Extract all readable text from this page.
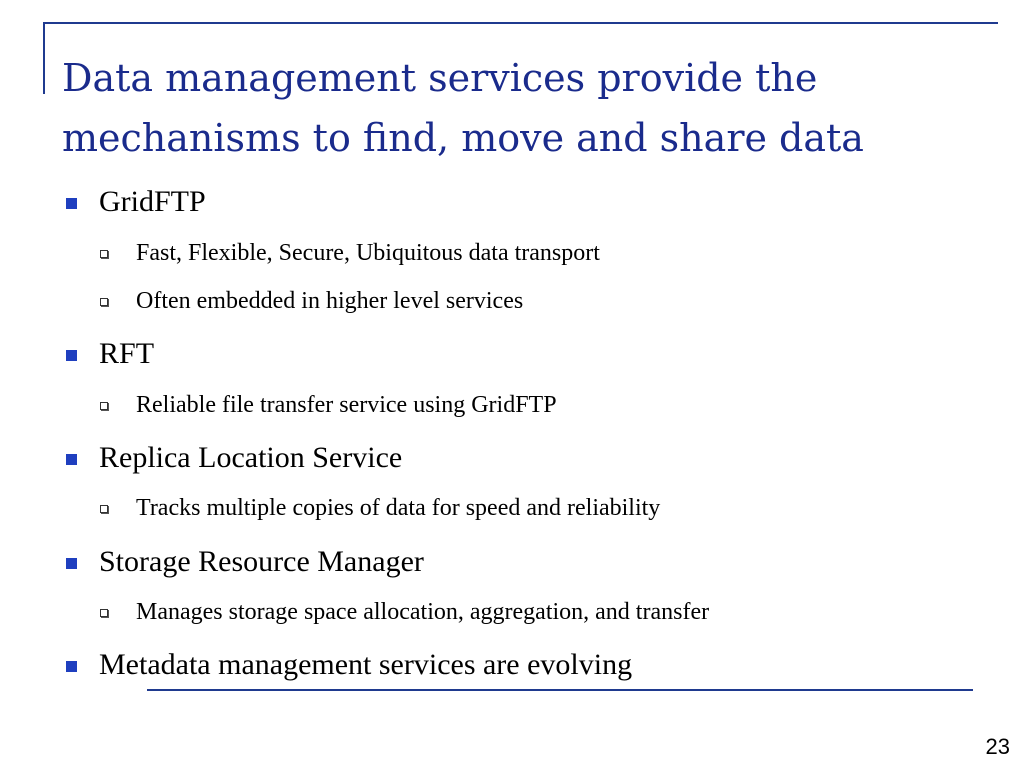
Data management services provide the
mechanisms to find, move and share data
GridFTP
Fast, Flexible, Secure, Ubiquitous data transport
Often embedded in higher level services
RFT
Reliable file transfer service using GridFTP
Replica Location Service
Tracks multiple copies of data for speed and reliability
Storage Resource Manager
Manages storage space allocation, aggregation, and transfer
Metadata management services are evolving
23
